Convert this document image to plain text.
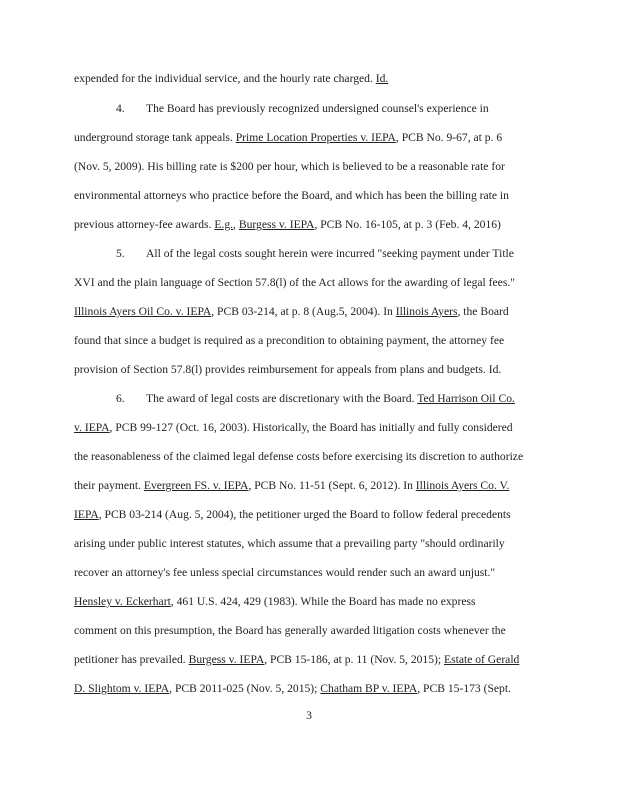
expended for the individual service, and the hourly rate charged. Id.
4. The Board has previously recognized undersigned counsel's experience in
underground storage tank appeals. Prime Location Properties v. IEPA, PCB No. 9-67, at p. 6
(Nov. 5, 2009). His billing rate is $200 per hour, which is believed to be a reasonable rate for
environmental attorneys who practice before the Board, and which has been the billing rate in
previous attorney-fee awards. E.g., Burgess v. IEPA, PCB No. 16-105, at p. 3 (Feb. 4, 2016)
5. All of the legal costs sought herein were incurred "seeking payment under Title
XVI and the plain language of Section 57.8(l) of the Act allows for the awarding of legal fees."
Illinois Ayers Oil Co. v. IEPA, PCB 03-214, at p. 8 (Aug.5, 2004). In Illinois Ayers, the Board
found that since a budget is required as a precondition to obtaining payment, the attorney fee
provision of Section 57.8(l) provides reimbursement for appeals from plans and budgets. Id.
6. The award of legal costs are discretionary with the Board. Ted Harrison Oil Co.
v. IEPA, PCB 99-127 (Oct. 16, 2003). Historically, the Board has initially and fully considered
the reasonableness of the claimed legal defense costs before exercising its discretion to authorize
their payment. Evergreen FS. v. IEPA, PCB No. 11-51 (Sept. 6, 2012). In Illinois Ayers Co. V.
IEPA, PCB 03-214 (Aug. 5, 2004), the petitioner urged the Board to follow federal precedents
arising under public interest statutes, which assume that a prevailing party "should ordinarily
recover an attorney's fee unless special circumstances would render such an award unjust."
Hensley v. Eckerhart, 461 U.S. 424, 429 (1983). While the Board has made no express
comment on this presumption, the Board has generally awarded litigation costs whenever the
petitioner has prevailed. Burgess v. IEPA, PCB 15-186, at p. 11 (Nov. 5, 2015); Estate of Gerald
D. Slightom v. IEPA, PCB 2011-025 (Nov. 5, 2015); Chatham BP v. IEPA, PCB 15-173 (Sept.
3
